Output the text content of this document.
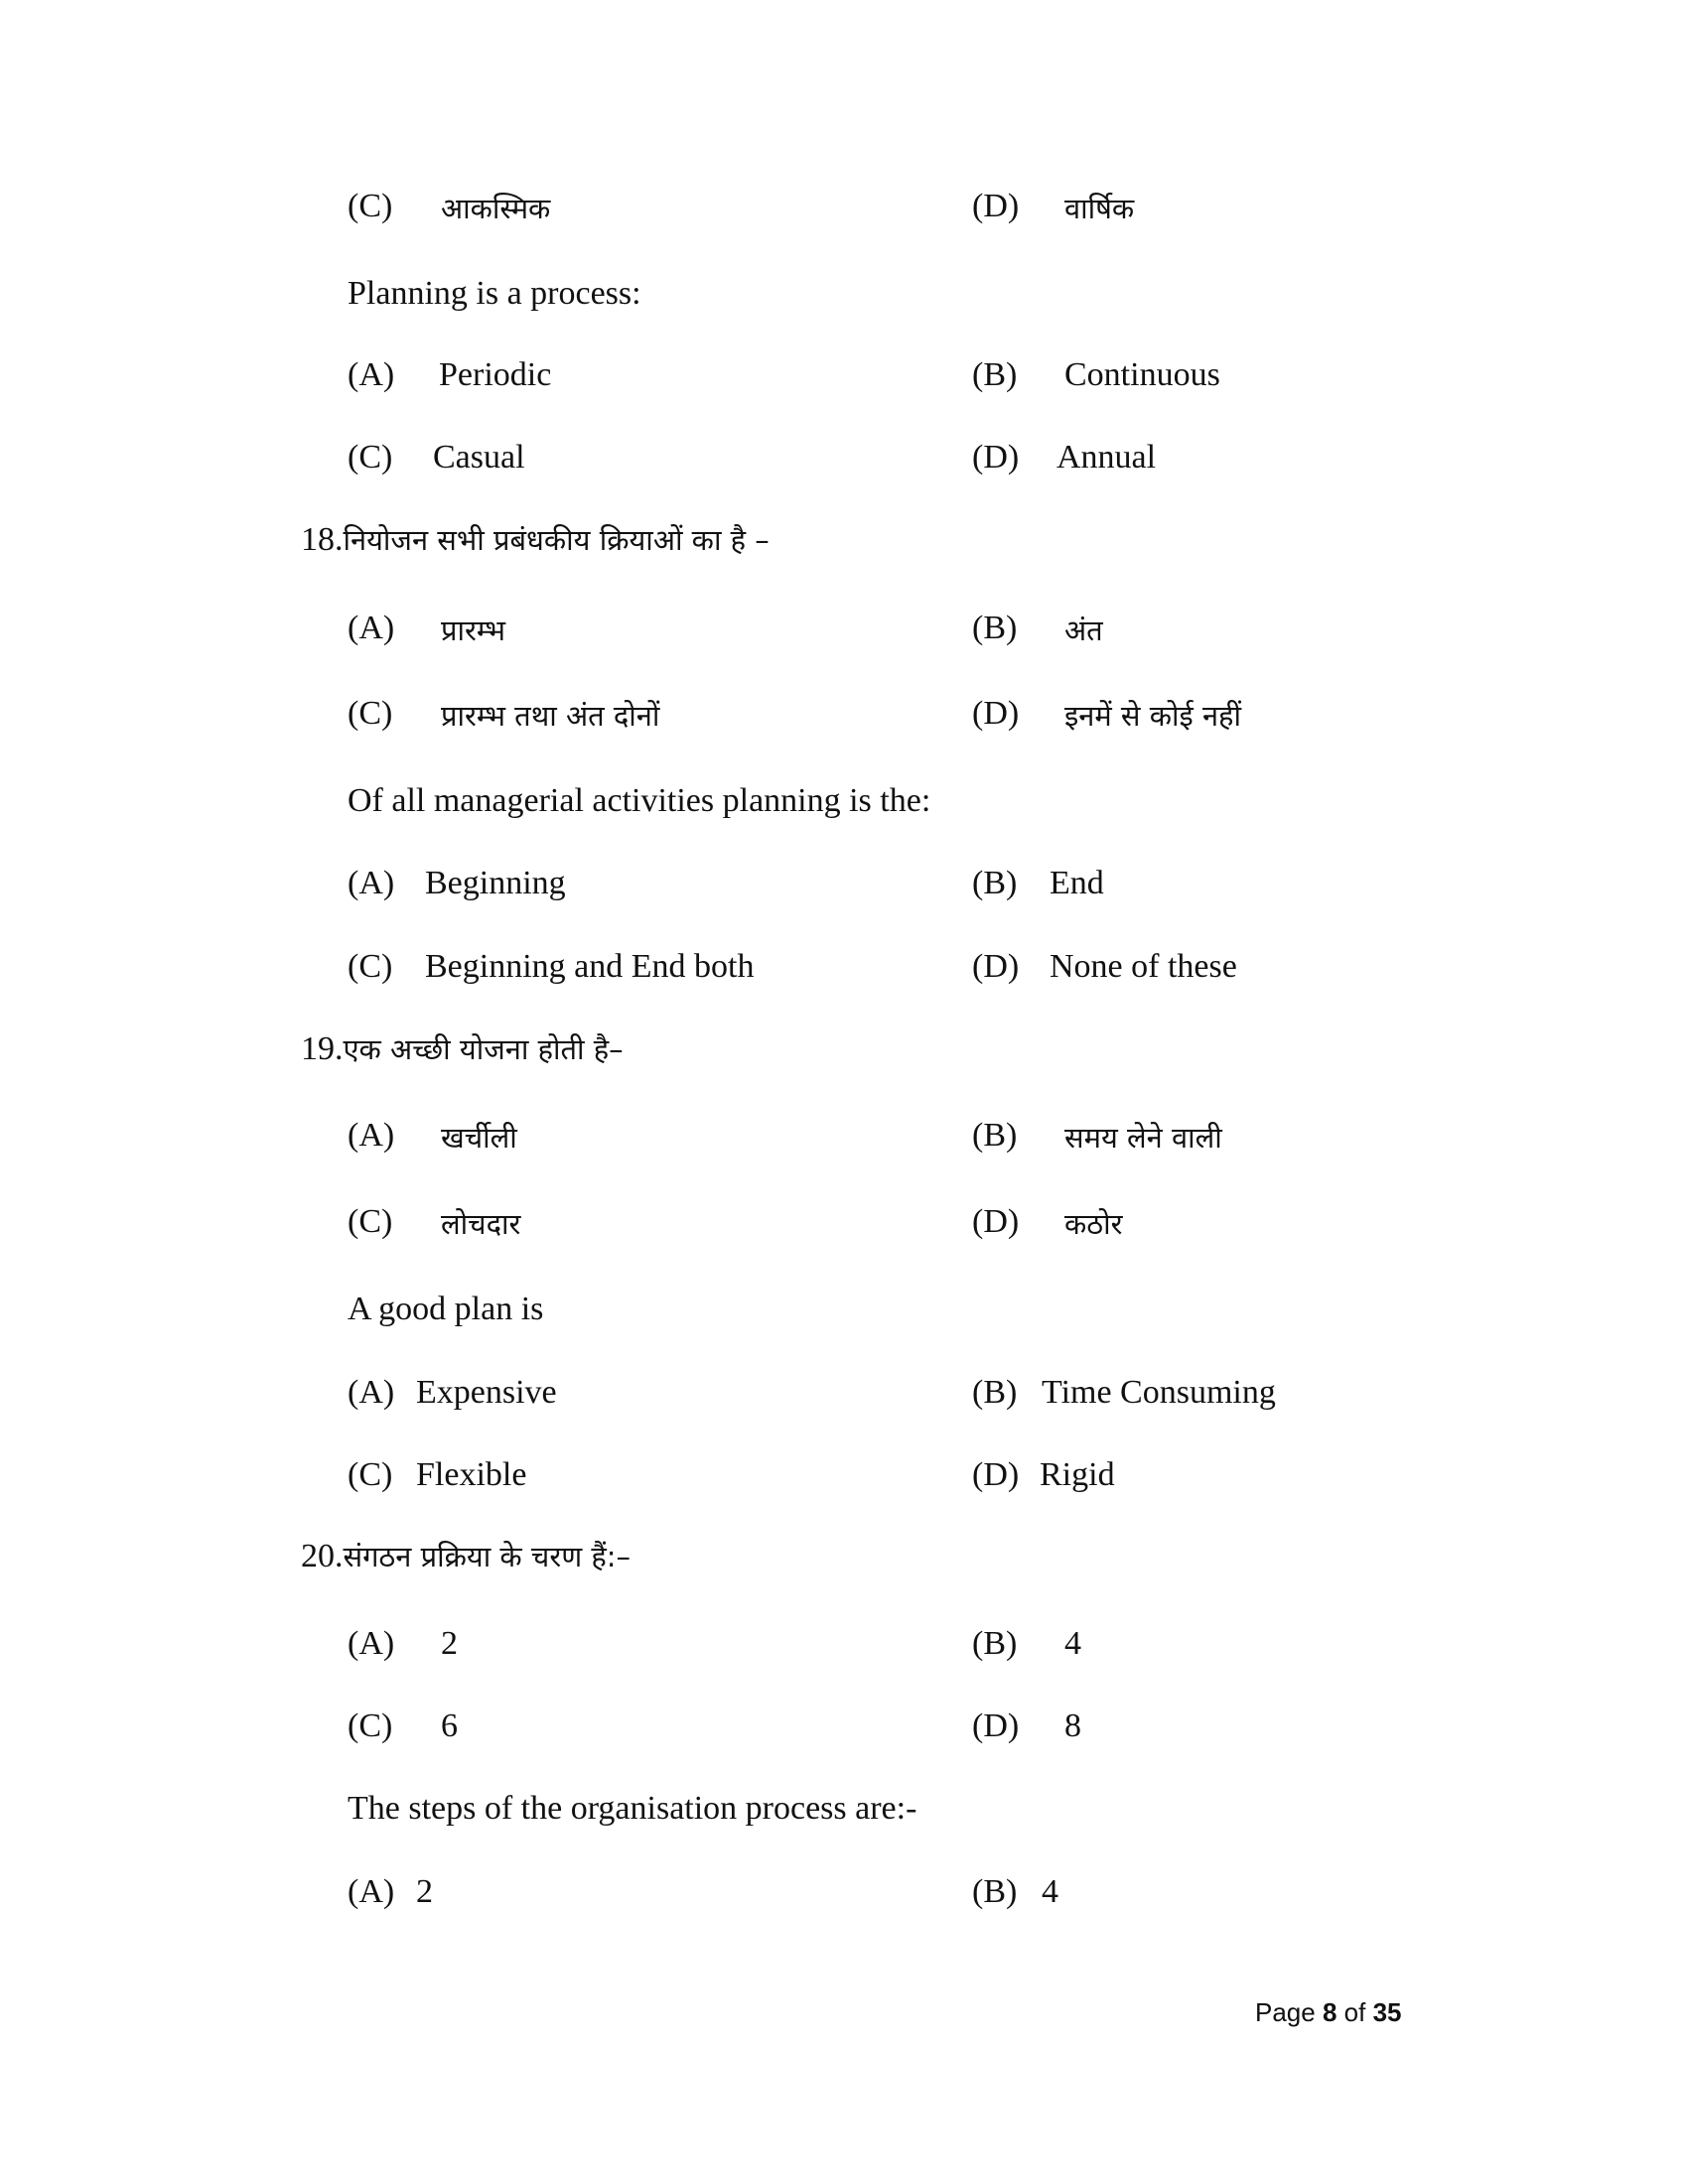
(C) आकस्मिक	(D) वार्षिक
Planning is a process:
(A) Periodic	(B) Continuous
(C) Casual	(D) Annual
18.नियोजन सभी प्रबंधकीय क्रियाओं का है –
(A) प्रारम्भ	(B) अंत
(C) प्रारम्भ तथा अंत दोनों	(D) इनमें से कोई नहीं
Of all managerial activities planning is the:
(A) Beginning	(B) End
(C) Beginning and End both	(D) None of these
19.एक अच्छी योजना होती है–
(A) खर्चीली	(B) समय लेने वाली
(C) लोचदार	(D) कठोर
A good plan is
(A) Expensive	(B) Time Consuming
(C) Flexible	(D) Rigid
20.संगठन प्रक्रिया के चरण हैं:–
(A) 2	(B) 4
(C) 6	(D) 8
The steps of the organisation process are:-
(A) 2	(B) 4
Page 8 of 35
